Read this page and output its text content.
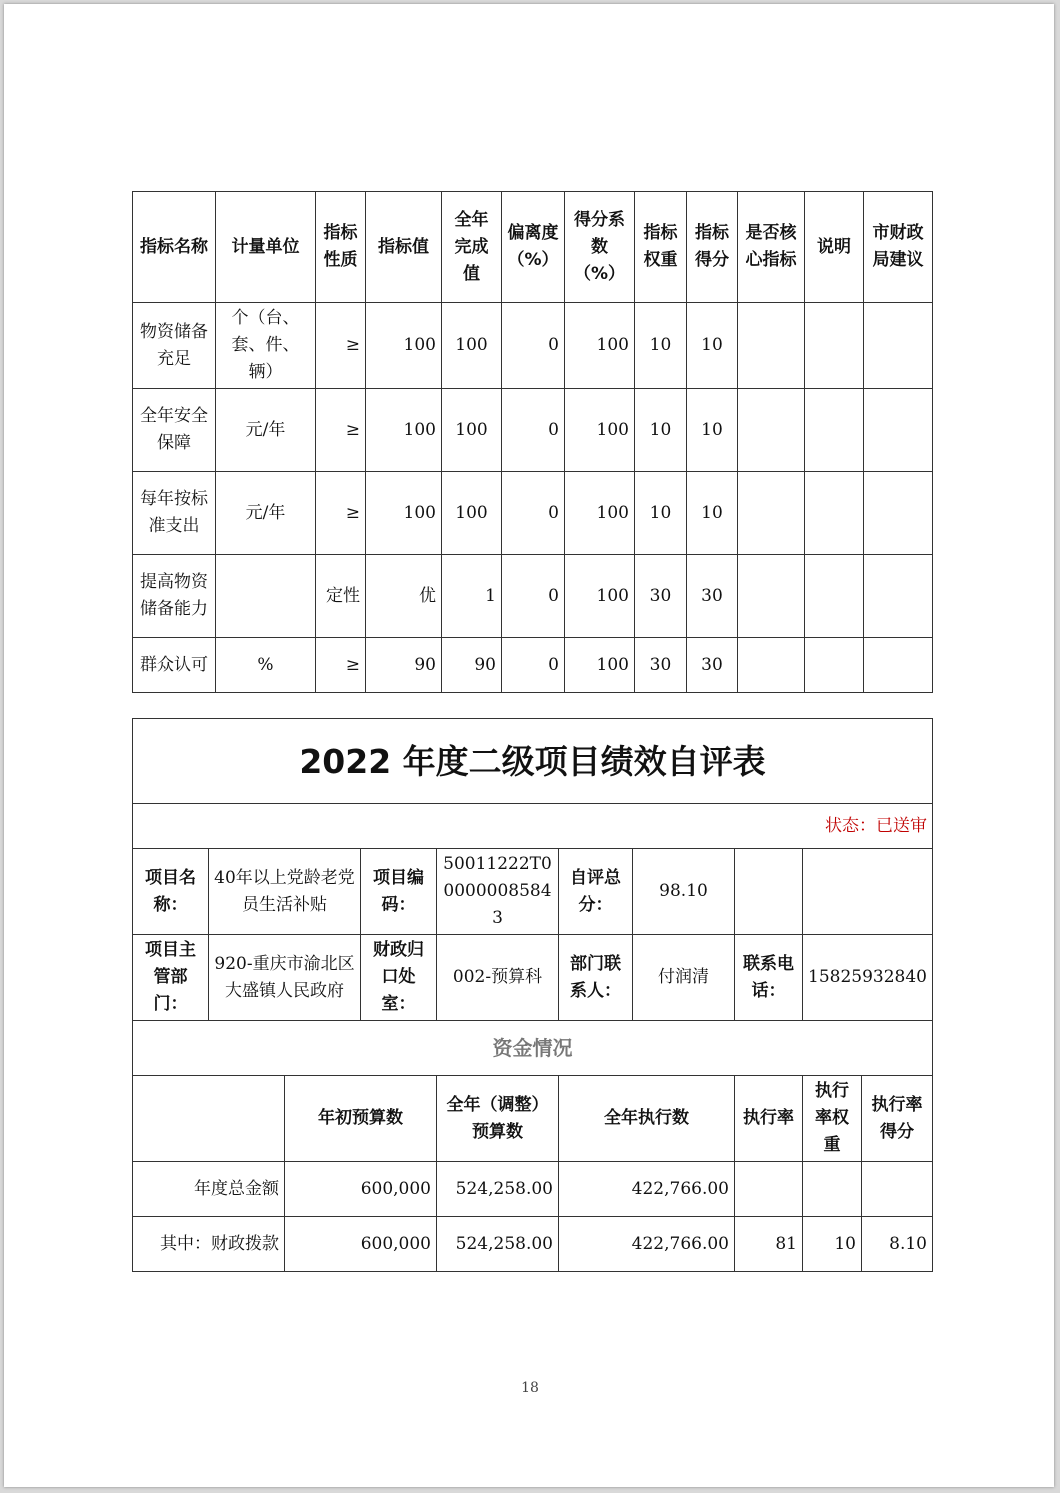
指标名称	计量单位	指标性质	指标值	全年完成值	偏离度（%）	得分系数（%）	指标权重	指标得分	是否核心指标	说明	市财政局建议
物资储备充足	个（台、套、件、辆）	≥	100	100	0	100	10	10			
全年安全保障	元/年	≥	100	100	0	100	10	10			
每年按标准支出	元/年	≥	100	100	0	100	10	10			
提高物资储备能力		定性	优	1	0	100	30	30			
群众认可	%	≥	90	90	0	100	30	30			
2022 年度二级项目绩效自评表									
状态：已送审									
项目名称：	40年以上党龄老党员生活补贴		项目编码：	50011222T000000085843	自评总分：	98.10			
项目主管部门：	920-重庆市渝北区大盛镇人民政府		财政归口处室：	002-预算科	部门联系人：	付润清	联系电话：	15825932840	
资金情况									
		年初预算数		全年（调整）预算数	全年执行数		执行率	执行率权重	执行率得分
年度总金额		600,000		524,258.00	422,766.00				
其中：财政拨款		600,000		524,258.00	422,766.00		81	10	8.10
18
